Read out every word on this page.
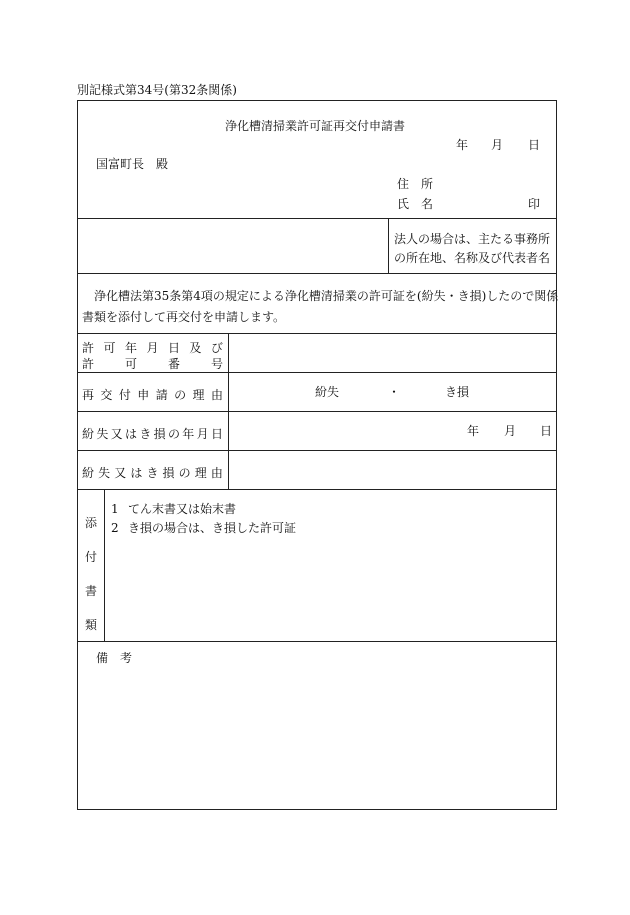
別記様式第34号(第32条関係)
浄化槽清掃業許可証再交付申請書
年 月 日
国富町長　殿
住　所
氏　名	印
法人の場合は、主たる事務所
の所在地、名称及び代表者名
浄化槽法第35条第4項の規定による浄化槽清掃業の許可証を(紛失・き損)したので関係
書類を添付して再交付を申請します。
許 可 年 月 日 及 び
許	可	番	号
再 交 付 申 請 の 理 由	紛失	・	き損
紛 失 又 は き 損 の 年 月 日	年 月 日
紛 失 又 は き 損 の 理 由
添
付
書
類
1 てん末書又は始末書
2 き損の場合は、き損した許可証
備　考
